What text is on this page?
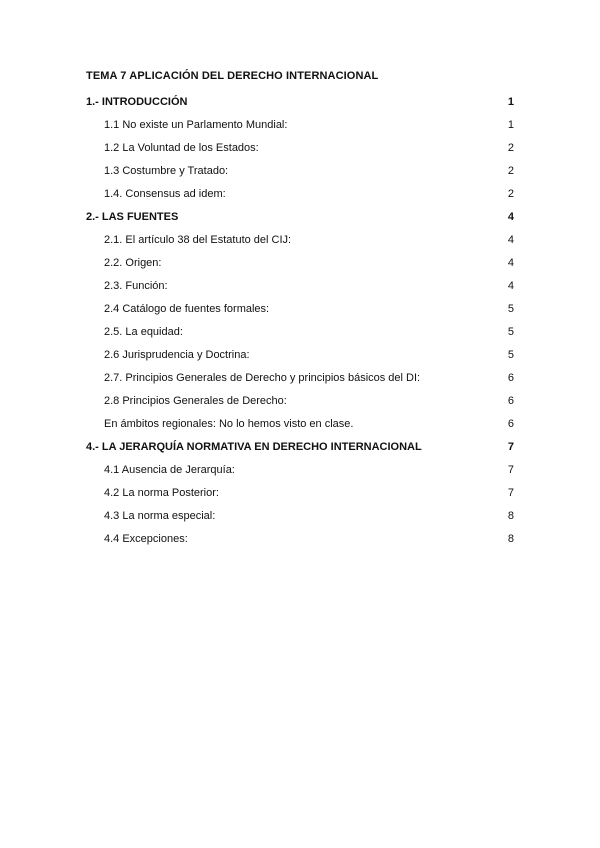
TEMA 7 APLICACIÓN DEL DERECHO INTERNACIONAL
1.- INTRODUCCIÓN	1
1.1 No existe un Parlamento Mundial:	1
1.2 La Voluntad de los Estados:	2
1.3 Costumbre y Tratado:	2
1.4. Consensus ad idem:	2
2.- LAS FUENTES	4
2.1. El artículo 38 del Estatuto del CIJ:	4
2.2. Origen:	4
2.3. Función:	4
2.4 Catálogo de fuentes formales:	5
2.5. La equidad:	5
2.6 Jurisprudencia y Doctrina:	5
2.7. Principios Generales de Derecho y principios básicos del DI:	6
2.8 Principios Generales de Derecho:	6
En ámbitos regionales: No lo hemos visto en clase.	6
4.- LA JERARQUÍA NORMATIVA EN DERECHO INTERNACIONAL	7
4.1 Ausencia de Jerarquía:	7
4.2 La norma Posterior:	7
4.3 La norma especial:	8
4.4 Excepciones:	8
